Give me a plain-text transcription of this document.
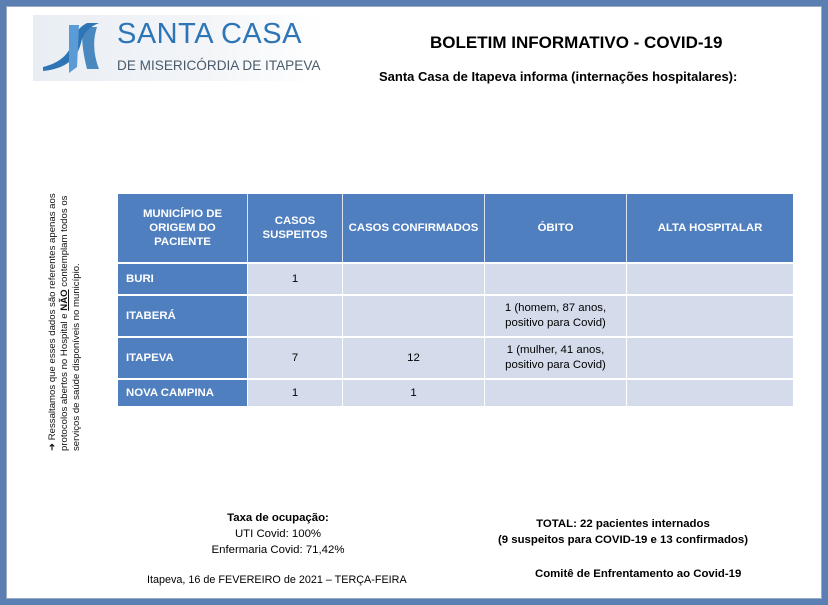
SANTA CASA
DE MISERICÓRDIA DE ITAPEVA
BOLETIM INFORMATIVO - COVID-19
Santa Casa de Itapeva informa (internações hospitalares):
➜ Ressaltamos que esses dados são referentes apenas aos protocolos abertos no Hospital e NÃO contemplam todos os serviços de saúde disponíveis no município.
MUNICÍPIO DE ORIGEM DO PACIENTE	CASOS SUSPEITOS	CASOS CONFIRMADOS	ÓBITO	ALTA HOSPITALAR
BURI	1			
ITABERÁ			1 (homem, 87 anos, positivo para Covid)	
ITAPEVA	7	12	1 (mulher, 41 anos, positivo para Covid)	
NOVA CAMPINA	1	1		
Taxa de ocupação:
UTI Covid: 100%
Enfermaria Covid: 71,42%
TOTAL: 22 pacientes internados
(9 suspeitos para COVID-19 e 13 confirmados)
Itapeva, 16 de FEVEREIRO de 2021 – TERÇA-FEIRA	Comitê de Enfrentamento ao Covid-19
